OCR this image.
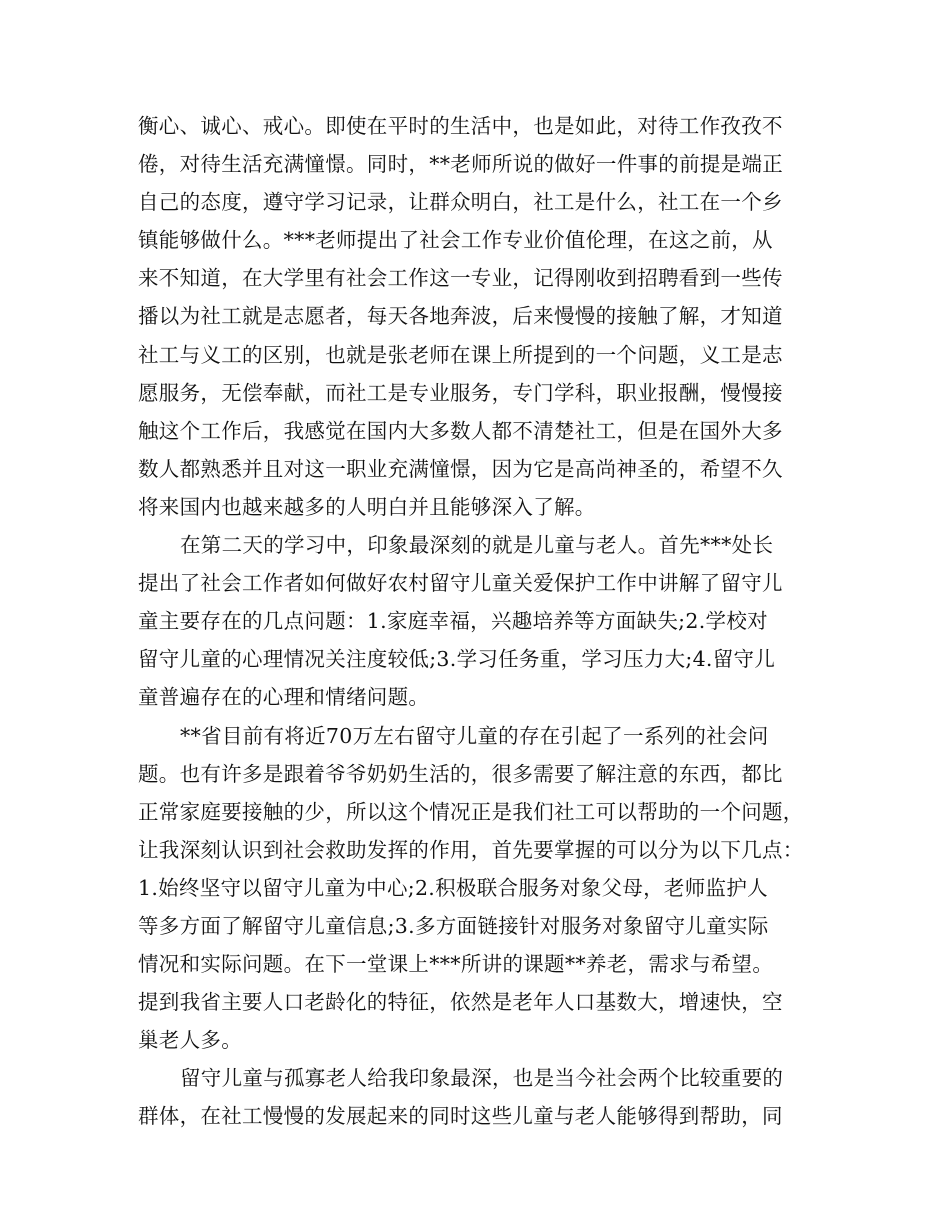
衡心、诚心、戒心。即使在平时的生活中，也是如此，对待工作孜孜不
倦，对待生活充满憧憬。同时，**老师所说的做好一件事的前提是端正
自己的态度，遵守学习记录，让群众明白，社工是什么，社工在一个乡
镇能够做什么。***老师提出了社会工作专业价值伦理，在这之前，从
来不知道，在大学里有社会工作这一专业，记得刚收到招聘看到一些传
播以为社工就是志愿者，每天各地奔波，后来慢慢的接触了解，才知道
社工与义工的区别，也就是张老师在课上所提到的一个问题，义工是志
愿服务，无偿奉献，而社工是专业服务，专门学科，职业报酬，慢慢接
触这个工作后，我感觉在国内大多数人都不清楚社工，但是在国外大多
数人都熟悉并且对这一职业充满憧憬，因为它是高尚神圣的，希望不久
将来国内也越来越多的人明白并且能够深入了解。
在第二天的学习中，印象最深刻的就是儿童与老人。首先***处长
提出了社会工作者如何做好农村留守儿童关爱保护工作中讲解了留守儿
童主要存在的几点问题：1.家庭幸福，兴趣培养等方面缺失;2.学校对
留守儿童的心理情况关注度较低;3.学习任务重，学习压力大;4.留守儿
童普遍存在的心理和情绪问题。
**省目前有将近70万左右留守儿童的存在引起了一系列的社会问
题。也有许多是跟着爷爷奶奶生活的，很多需要了解注意的东西，都比
正常家庭要接触的少，所以这个情况正是我们社工可以帮助的一个问题，
让我深刻认识到社会救助发挥的作用，首先要掌握的可以分为以下几点：
1.始终坚守以留守儿童为中心;2.积极联合服务对象父母，老师监护人
等多方面了解留守儿童信息;3.多方面链接针对服务对象留守儿童实际
情况和实际问题。在下一堂课上***所讲的课题**养老，需求与希望。
提到我省主要人口老龄化的特征，依然是老年人口基数大，增速快，空
巢老人多。
留守儿童与孤寡老人给我印象最深，也是当今社会两个比较重要的
群体，在社工慢慢的发展起来的同时这些儿童与老人能够得到帮助，同
